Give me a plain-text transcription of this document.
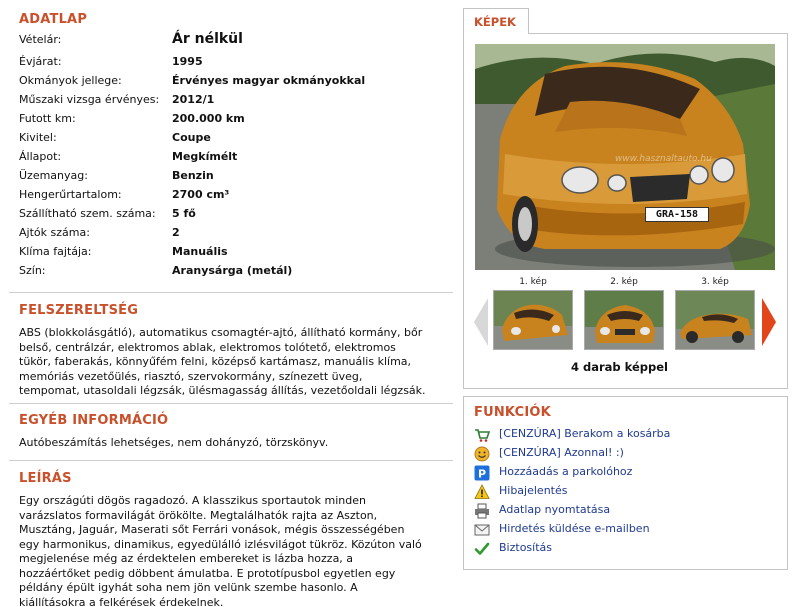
ADATLAP
Vételár:	Ár nélkül
Évjárat:	1995
Okmányok jellege:	Érvényes magyar okmányokkal
Műszaki vizsga érvényes: 2012/1
Futott km:	200.000 km
Kivitel:	Coupe
Állapot:	Megkímélt
Üzemanyag:	Benzin
Hengerűrtartalom:	2700 cm³
Szállítható szem. száma: 5 fő
Ajtók száma:	2
Klíma fajtája:	Manuális
Szín:	Aranysárga (metál)
FELSZERELTSÉG
ABS (blokkolásgátló), automatikus csomagtér-ajtó, állítható kormány, bőr
belső, centrálzár, elektromos ablak, elektromos tolótető, elektromos
tükör, faberakás, könnyűfém felni, középső kartámasz, manuális klíma,
memóriás vezetőülés, riasztó, szervokormány, színezett üveg,
tempomat, utasoldali légzsák, ülésmagasság állítás, vezetőoldali légzsák.
EGYÉB INFORMÁCIÓ
Autóbeszámítás lehetséges, nem dohányzó, törzskönyv.
LEÍRÁS
Egy országúti dögös ragadozó. A klasszikus sportautok minden
varázslatos formavilágát örökölte. Megtalálhatók rajta az Aszton,
Musztáng, Jaguár, Maserati sőt Ferrári vonások, mégis összességében
egy harmonikus, dinamikus, egyedülálló izlésvilágot tükröz. Közúton való
megjelenése még az érdektelen embereket is lázba hozza, a
hozzáértőket pedig döbbent ámulatba. E prototípusbol egyetlen egy
példány épült igyhát soha nem jön velünk szembe hasonlo. A
kiállításokra a felkérések érdekelnek.
KÉPEK
GRA-158
www.hasznaltauto.hu
1. kép	2. kép	3. kép
4 darab képpel
FUNKCIÓK
[CENZÚRA] Berakom a kosárba
[CENZÚRA] Azonnal! :)
P Hozzáadás a parkolóhoz
Hibajelentés
Adatlap nyomtatása
Hirdetés küldése e-mailben
Biztosítás
